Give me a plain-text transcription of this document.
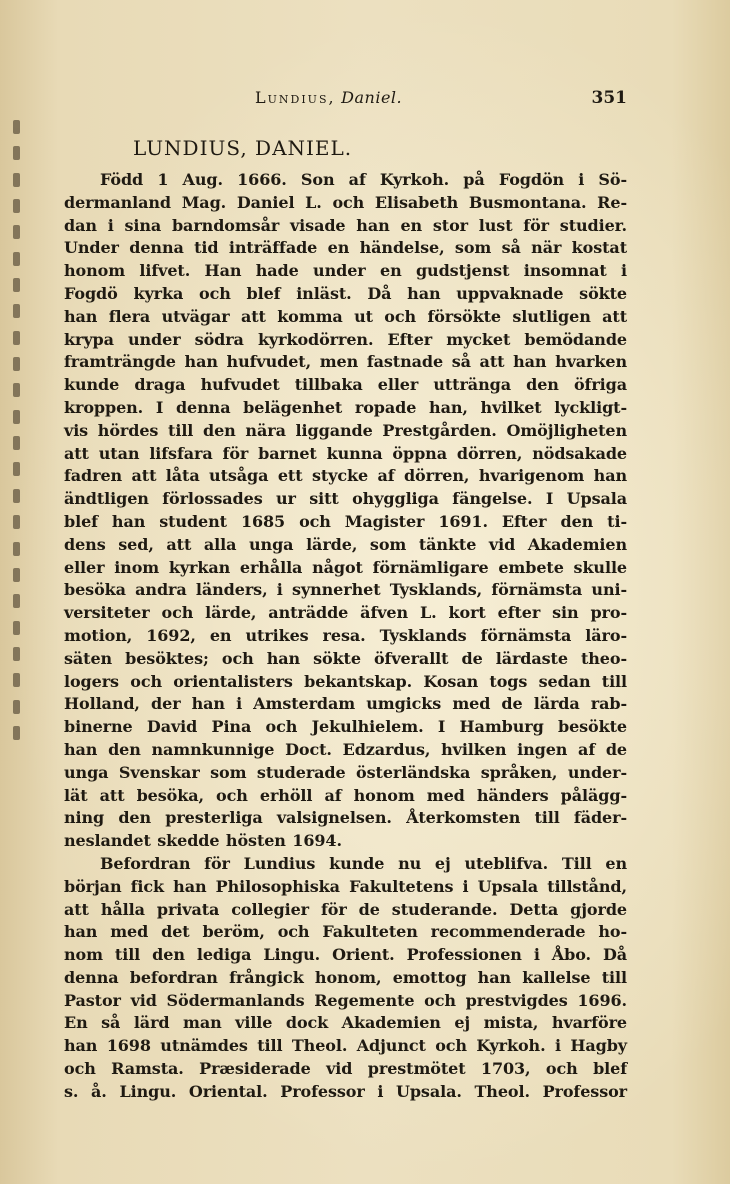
Lundius, Daniel.	351
LUNDIUS, DANIEL.
Född 1 Aug. 1666. Son af Kyrkoh. på Fogdön i Sö-
dermanland Mag. Daniel L. och Elisabeth Busmontana. Re-
dan i sina barndomsår visade han en stor lust för studier.
Under denna tid inträffade en händelse, som så när kostat
honom lifvet. Han hade under en gudstjenst insomnat i
Fogdö kyrka och blef inläst. Då han uppvaknade sökte
han flera utvägar att komma ut och försökte slutligen att
krypa under södra kyrkodörren. Efter mycket bemödande
framträngde han hufvudet, men fastnade så att han hvarken
kunde draga hufvudet tillbaka eller uttränga den öfriga
kroppen. I denna belägenhet ropade han, hvilket lyckligt-
vis hördes till den nära liggande Prestgården. Omöjligheten
att utan lifsfara för barnet kunna öppna dörren, nödsakade
fadren att låta utsåga ett stycke af dörren, hvarigenom han
ändtligen förlossades ur sitt ohyggliga fängelse. I Upsala
blef han student 1685 och Magister 1691. Efter den ti-
dens sed, att alla unga lärde, som tänkte vid Akademien
eller inom kyrkan erhålla något förnämligare embete skulle
besöka andra länders, i synnerhet Tysklands, förnämsta uni-
versiteter och lärde, anträdde äfven L. kort efter sin pro-
motion, 1692, en utrikes resa. Tysklands förnämsta läro-
säten besöktes; och han sökte öfverallt de lärdaste theo-
logers och orientalisters bekantskap. Kosan togs sedan till
Holland, der han i Amsterdam umgicks med de lärda rab-
binerne David Pina och Jekulhielem. I Hamburg besökte
han den namnkunnige Doct. Edzardus, hvilken ingen af de
unga Svenskar som studerade österländska språken, under-
lät att besöka, och erhöll af honom med händers pålägg-
ning den presterliga valsignelsen. Återkomsten till fäder-
neslandet skedde hösten 1694.
Befordran för Lundius kunde nu ej uteblifva. Till en
början fick han Philosophiska Fakultetens i Upsala tillstånd,
att hålla privata collegier för de studerande. Detta gjorde
han med det beröm, och Fakulteten recommenderade ho-
nom till den lediga Lingu. Orient. Professionen i Åbo. Då
denna befordran frångick honom, emottog han kallelse till
Pastor vid Södermanlands Regemente och prestvigdes 1696.
En så lärd man ville dock Akademien ej mista, hvarföre
han 1698 utnämdes till Theol. Adjunct och Kyrkoh. i Hagby
och Ramsta. Præsiderade vid prestmötet 1703, och blef
s. å. Lingu. Oriental. Professor i Upsala. Theol. Professor
